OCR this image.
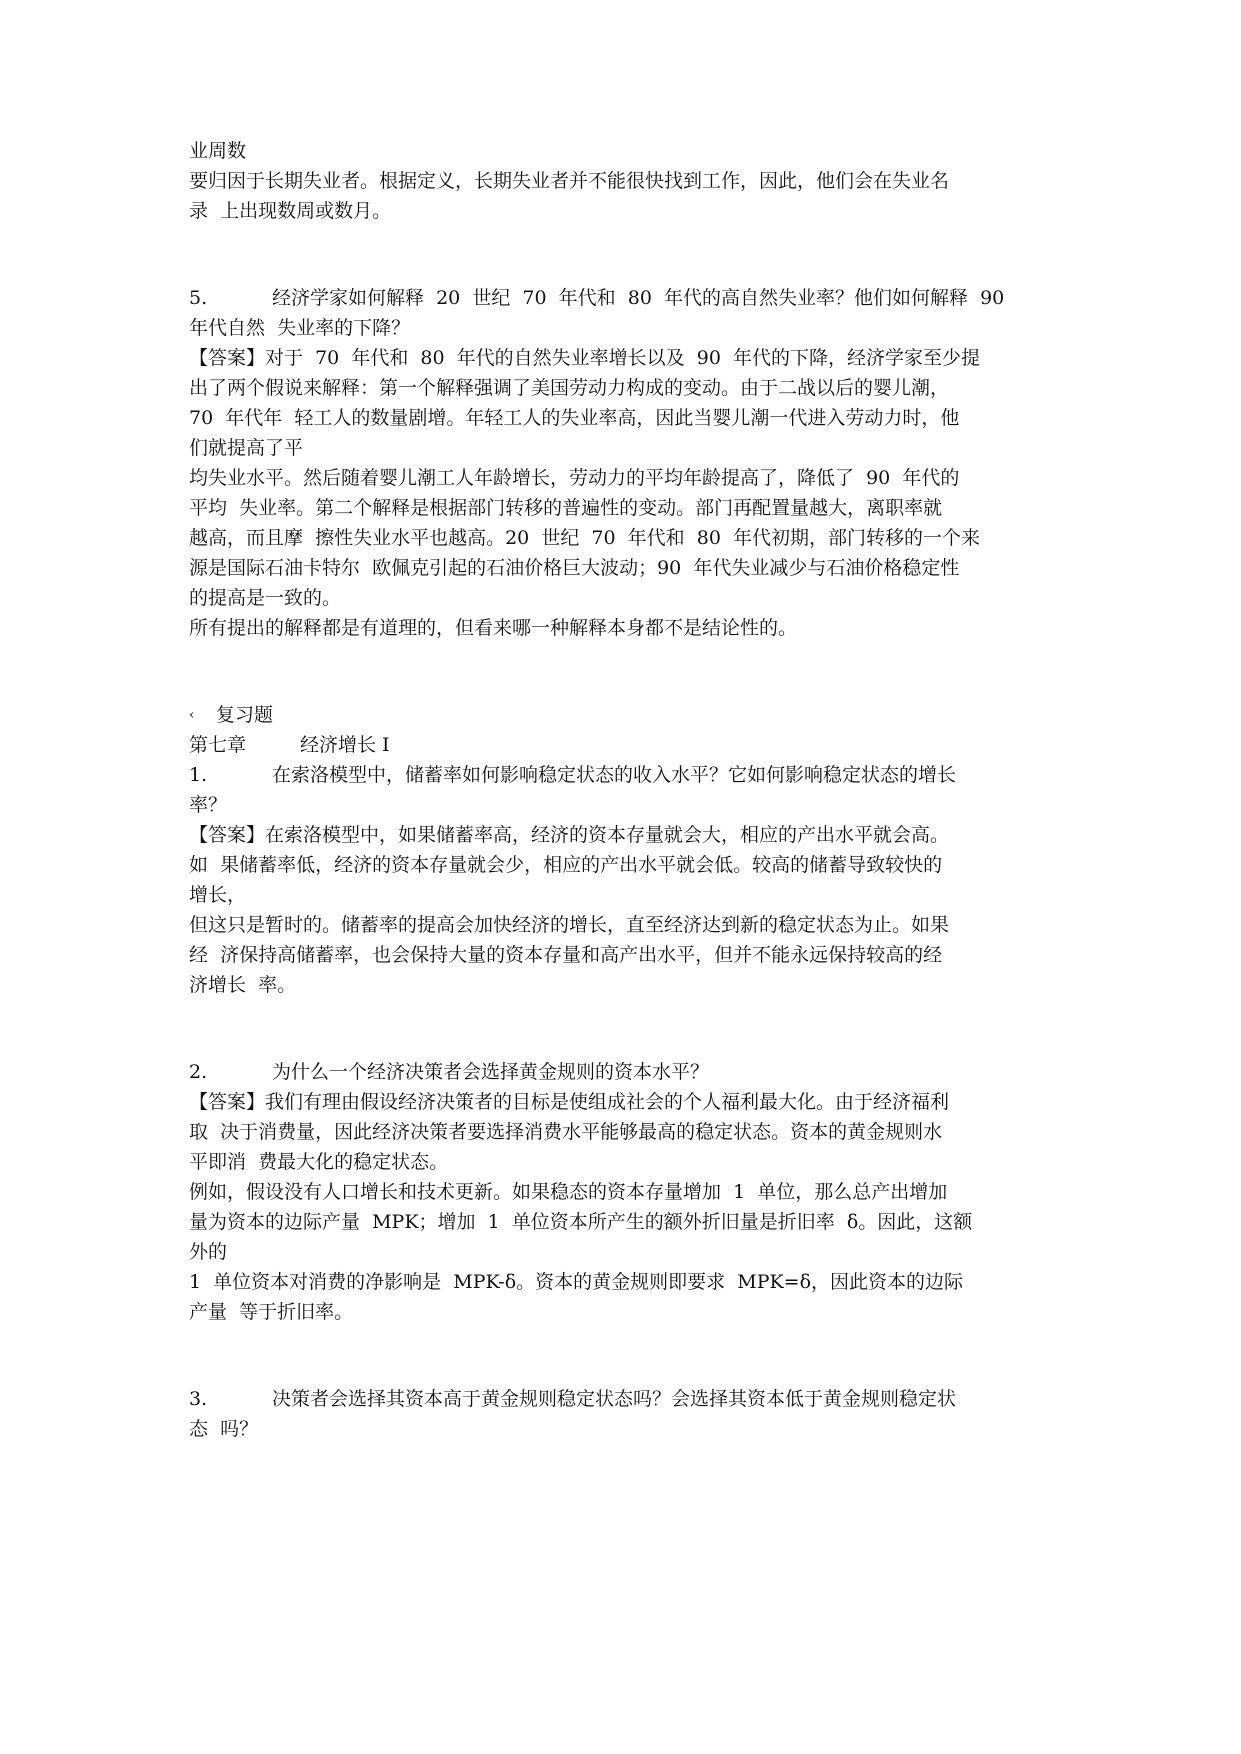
业周数
要归因于长期失业者。根据定义，长期失业者并不能很快找到工作，因此，他们会在失业名
录  上出现数周或数月。
5.	经济学家如何解释  20  世纪  70  年代和  80  年代的高自然失业率？他们如何解释  90
年代自然  失业率的下降？
【答案】对于  70  年代和  80  年代的自然失业率增长以及  90  年代的下降，经济学家至少提
出了两个假说来解释：第一个解释强调了美国劳动力构成的变动。由于二战以后的婴儿潮，
70  年代年  轻工人的数量剧增。年轻工人的失业率高，因此当婴儿潮一代进入劳动力时，他
们就提高了平
均失业水平。然后随着婴儿潮工人年龄增长，劳动力的平均年龄提高了，降低了  90  年代的
平均  失业率。第二个解释是根据部门转移的普遍性的变动。部门再配置量越大，离职率就
越高，而且摩  擦性失业水平也越高。20  世纪  70  年代和  80  年代初期，部门转移的一个来
源是国际石油卡特尔  欧佩克引起的石油价格巨大波动；90  年代失业减少与石油价格稳定性
的提高是一致的。
所有提出的解释都是有道理的，但看来哪一种解释本身都不是结论性的。
‹ 复习题
第七章	经济增长 I
1.	在索洛模型中，储蓄率如何影响稳定状态的收入水平？它如何影响稳定状态的增长
率？
【答案】在索洛模型中，如果储蓄率高，经济的资本存量就会大，相应的产出水平就会高。
如  果储蓄率低，经济的资本存量就会少，相应的产出水平就会低。较高的储蓄导致较快的
增长，
但这只是暂时的。储蓄率的提高会加快经济的增长，直至经济达到新的稳定状态为止。如果
经  济保持高储蓄率，也会保持大量的资本存量和高产出水平，但并不能永远保持较高的经
济增长  率。
2.	为什么一个经济决策者会选择黄金规则的资本水平？
【答案】我们有理由假设经济决策者的目标是使组成社会的个人福利最大化。由于经济福利
取  决于消费量，因此经济决策者要选择消费水平能够最高的稳定状态。资本的黄金规则水
平即消  费最大化的稳定状态。
例如，假设没有人口增长和技术更新。如果稳态的资本存量增加  1  单位，那么总产出增加
量为资本的边际产量  MPK；增加  1  单位资本所产生的额外折旧量是折旧率  δ。因此，这额
外的
1  单位资本对消费的净影响是  MPK-δ。资本的黄金规则即要求  MPK=δ，因此资本的边际
产量  等于折旧率。
3.	决策者会选择其资本高于黄金规则稳定状态吗？会选择其资本低于黄金规则稳定状
态  吗？
